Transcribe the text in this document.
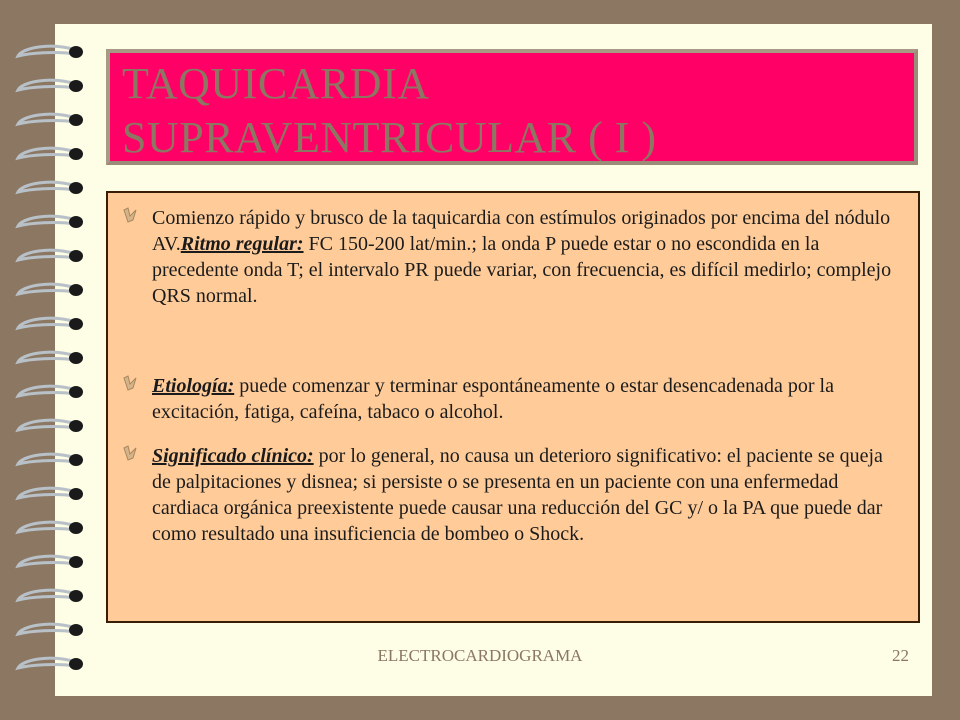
TAQUICARDIA
SUPRAVENTRICULAR ( I )
Comienzo rápido y brusco de la taquicardia con estímulos originados por encima del nódulo AV.Ritmo regular: FC 150-200 lat/min.; la onda P puede estar o no escondida en la precedente onda T; el intervalo PR puede variar, con frecuencia, es difícil medirlo; complejo QRS normal.
Etiología: puede comenzar y terminar espontáneamente o estar desencadenada por la excitación, fatiga, cafeína, tabaco o alcohol.
Significado clínico: por lo general, no causa un deterioro significativo: el paciente se queja de palpitaciones y disnea; si persiste o se presenta en un paciente con una enfermedad cardiaca orgánica preexistente puede causar una reducción del GC y/ o la PA que puede dar como resultado una insuficiencia de bombeo o Shock.
ELECTROCARDIOGRAMA	22
